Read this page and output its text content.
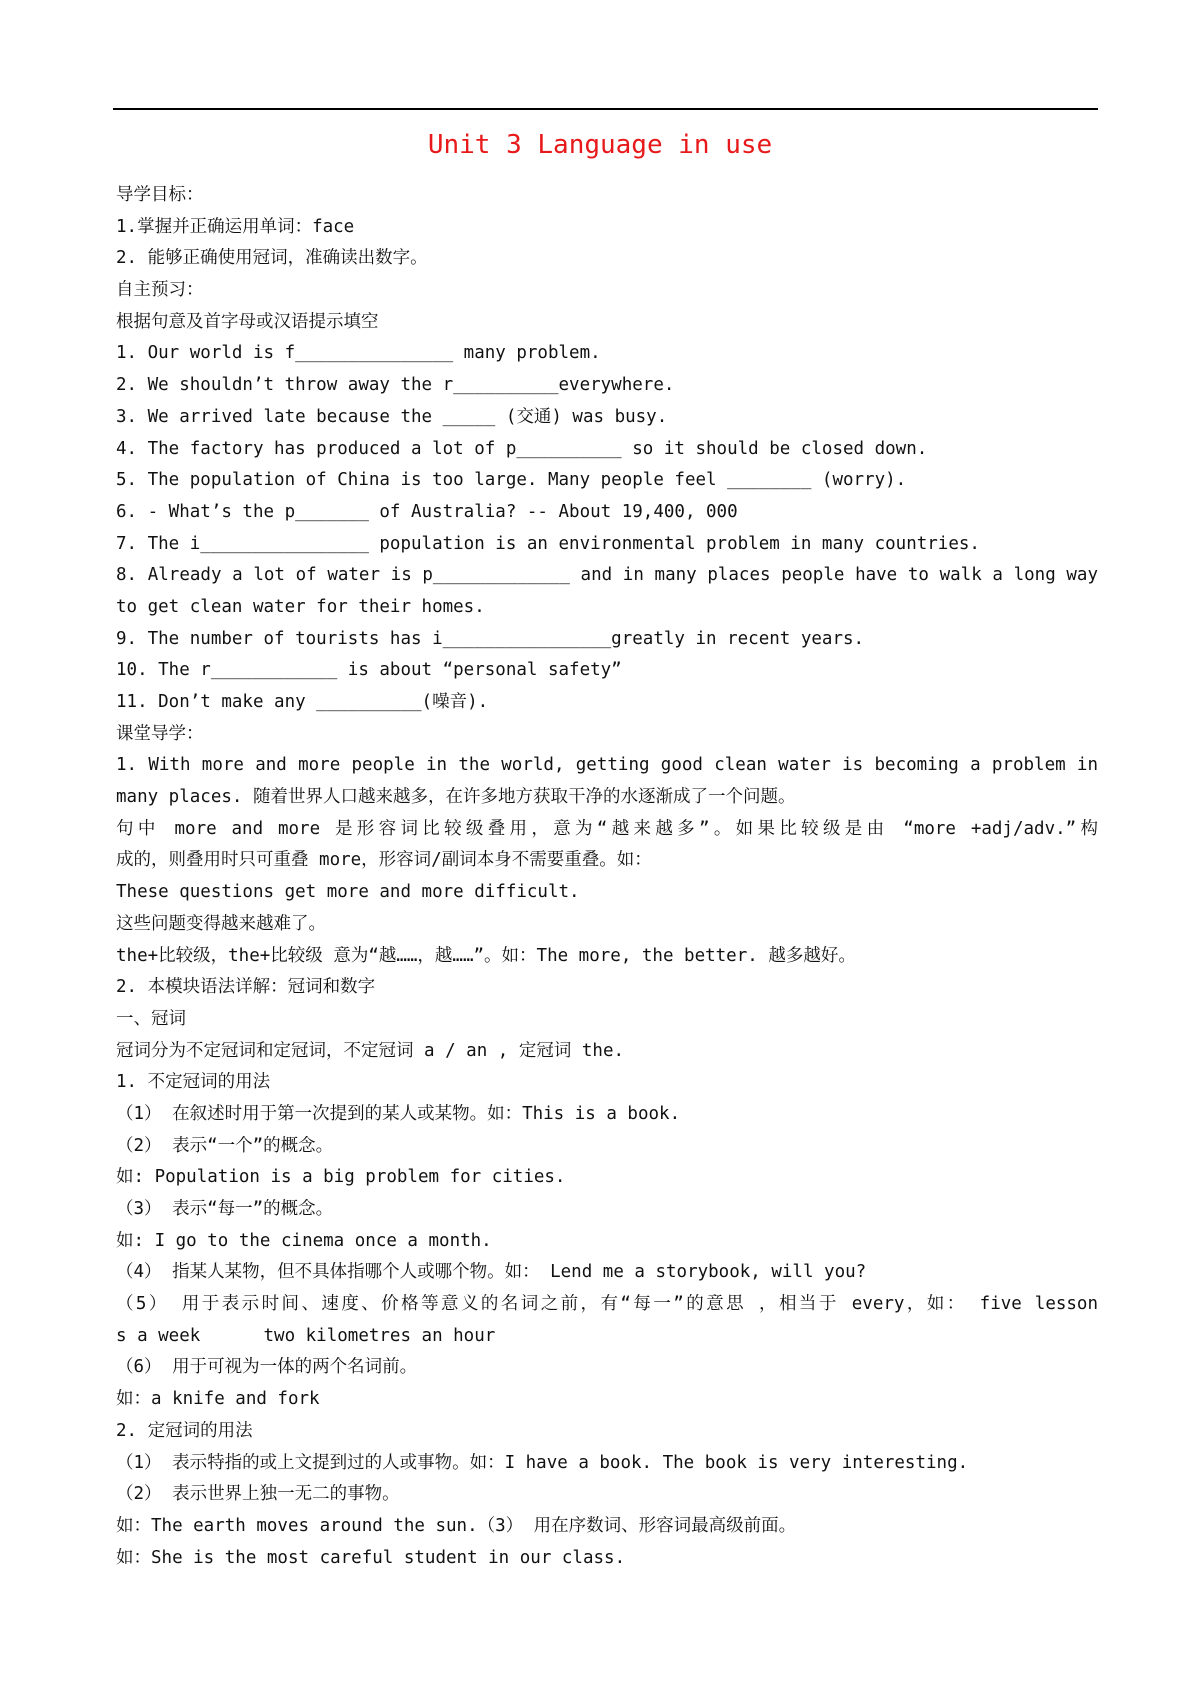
Unit 3 Language in use

导学目标：

1.掌握并正确运用单词：face

2. 能够正确使用冠词，准确读出数字。

自主预习：

根据句意及首字母或汉语提示填空

1. Our world is f_______________ many problem.

2. We shouldn’t throw away the r__________everywhere.

3. We arrived late because the _____ (交通) was busy.

4. The factory has produced a lot of p__________ so it should be closed down.

5. The population of China is too large. Many people feel ________ (worry).

6. - What’s the p_______ of Australia? -- About 19,400, 000

7. The i________________ population is an environmental problem in many countries.

8. Already a lot of water is p_____________ and in many places people have to walk a long way

to get clean water for their homes.

9. The number of tourists has i________________greatly in recent years.

10. The r____________ is about “personal safety”

11. Don’t make any __________(噪音).

课堂导学：

1. With more and more people in the world, getting good clean water is becoming a problem in

many places. 随着世界人口越来越多，在许多地方获取干净的水逐渐成了一个问题。

句中 more and more 是形容词比较级叠用，意为“越来越多”。如果比较级是由 “more +adj/adv.”构

成的，则叠用时只可重叠 more，形容词/副词本身不需要重叠。如：

These questions get more and more difficult.

这些问题变得越来越难了。

the+比较级，the+比较级 意为“越……，越……”。如：The more, the better. 越多越好。

2. 本模块语法详解：冠词和数字

一、冠词

冠词分为不定冠词和定冠词，不定冠词 a / an , 定冠词 the.

1. 不定冠词的用法

（1） 在叙述时用于第一次提到的某人或某物。如：This is a book.

（2） 表示“一个”的概念。

如: Population is a big problem for cities.

（3） 表示“每一”的概念。

如: I go to the cinema once a month.

（4） 指某人某物，但不具体指哪个人或哪个物。如： Lend me a storybook, will you?

（5） 用于表示时间、速度、价格等意义的名词之前，有“每一”的意思 ，相当于 every，如： five lesson

s a week      two kilometres an hour

（6） 用于可视为一体的两个名词前。

如：a knife and fork

2. 定冠词的用法

（1） 表示特指的或上文提到过的人或事物。如：I have a book. The book is very interesting.

（2） 表示世界上独一无二的事物。

如：The earth moves around the sun.（3） 用在序数词、形容词最高级前面。

如：She is the most careful student in our class.
